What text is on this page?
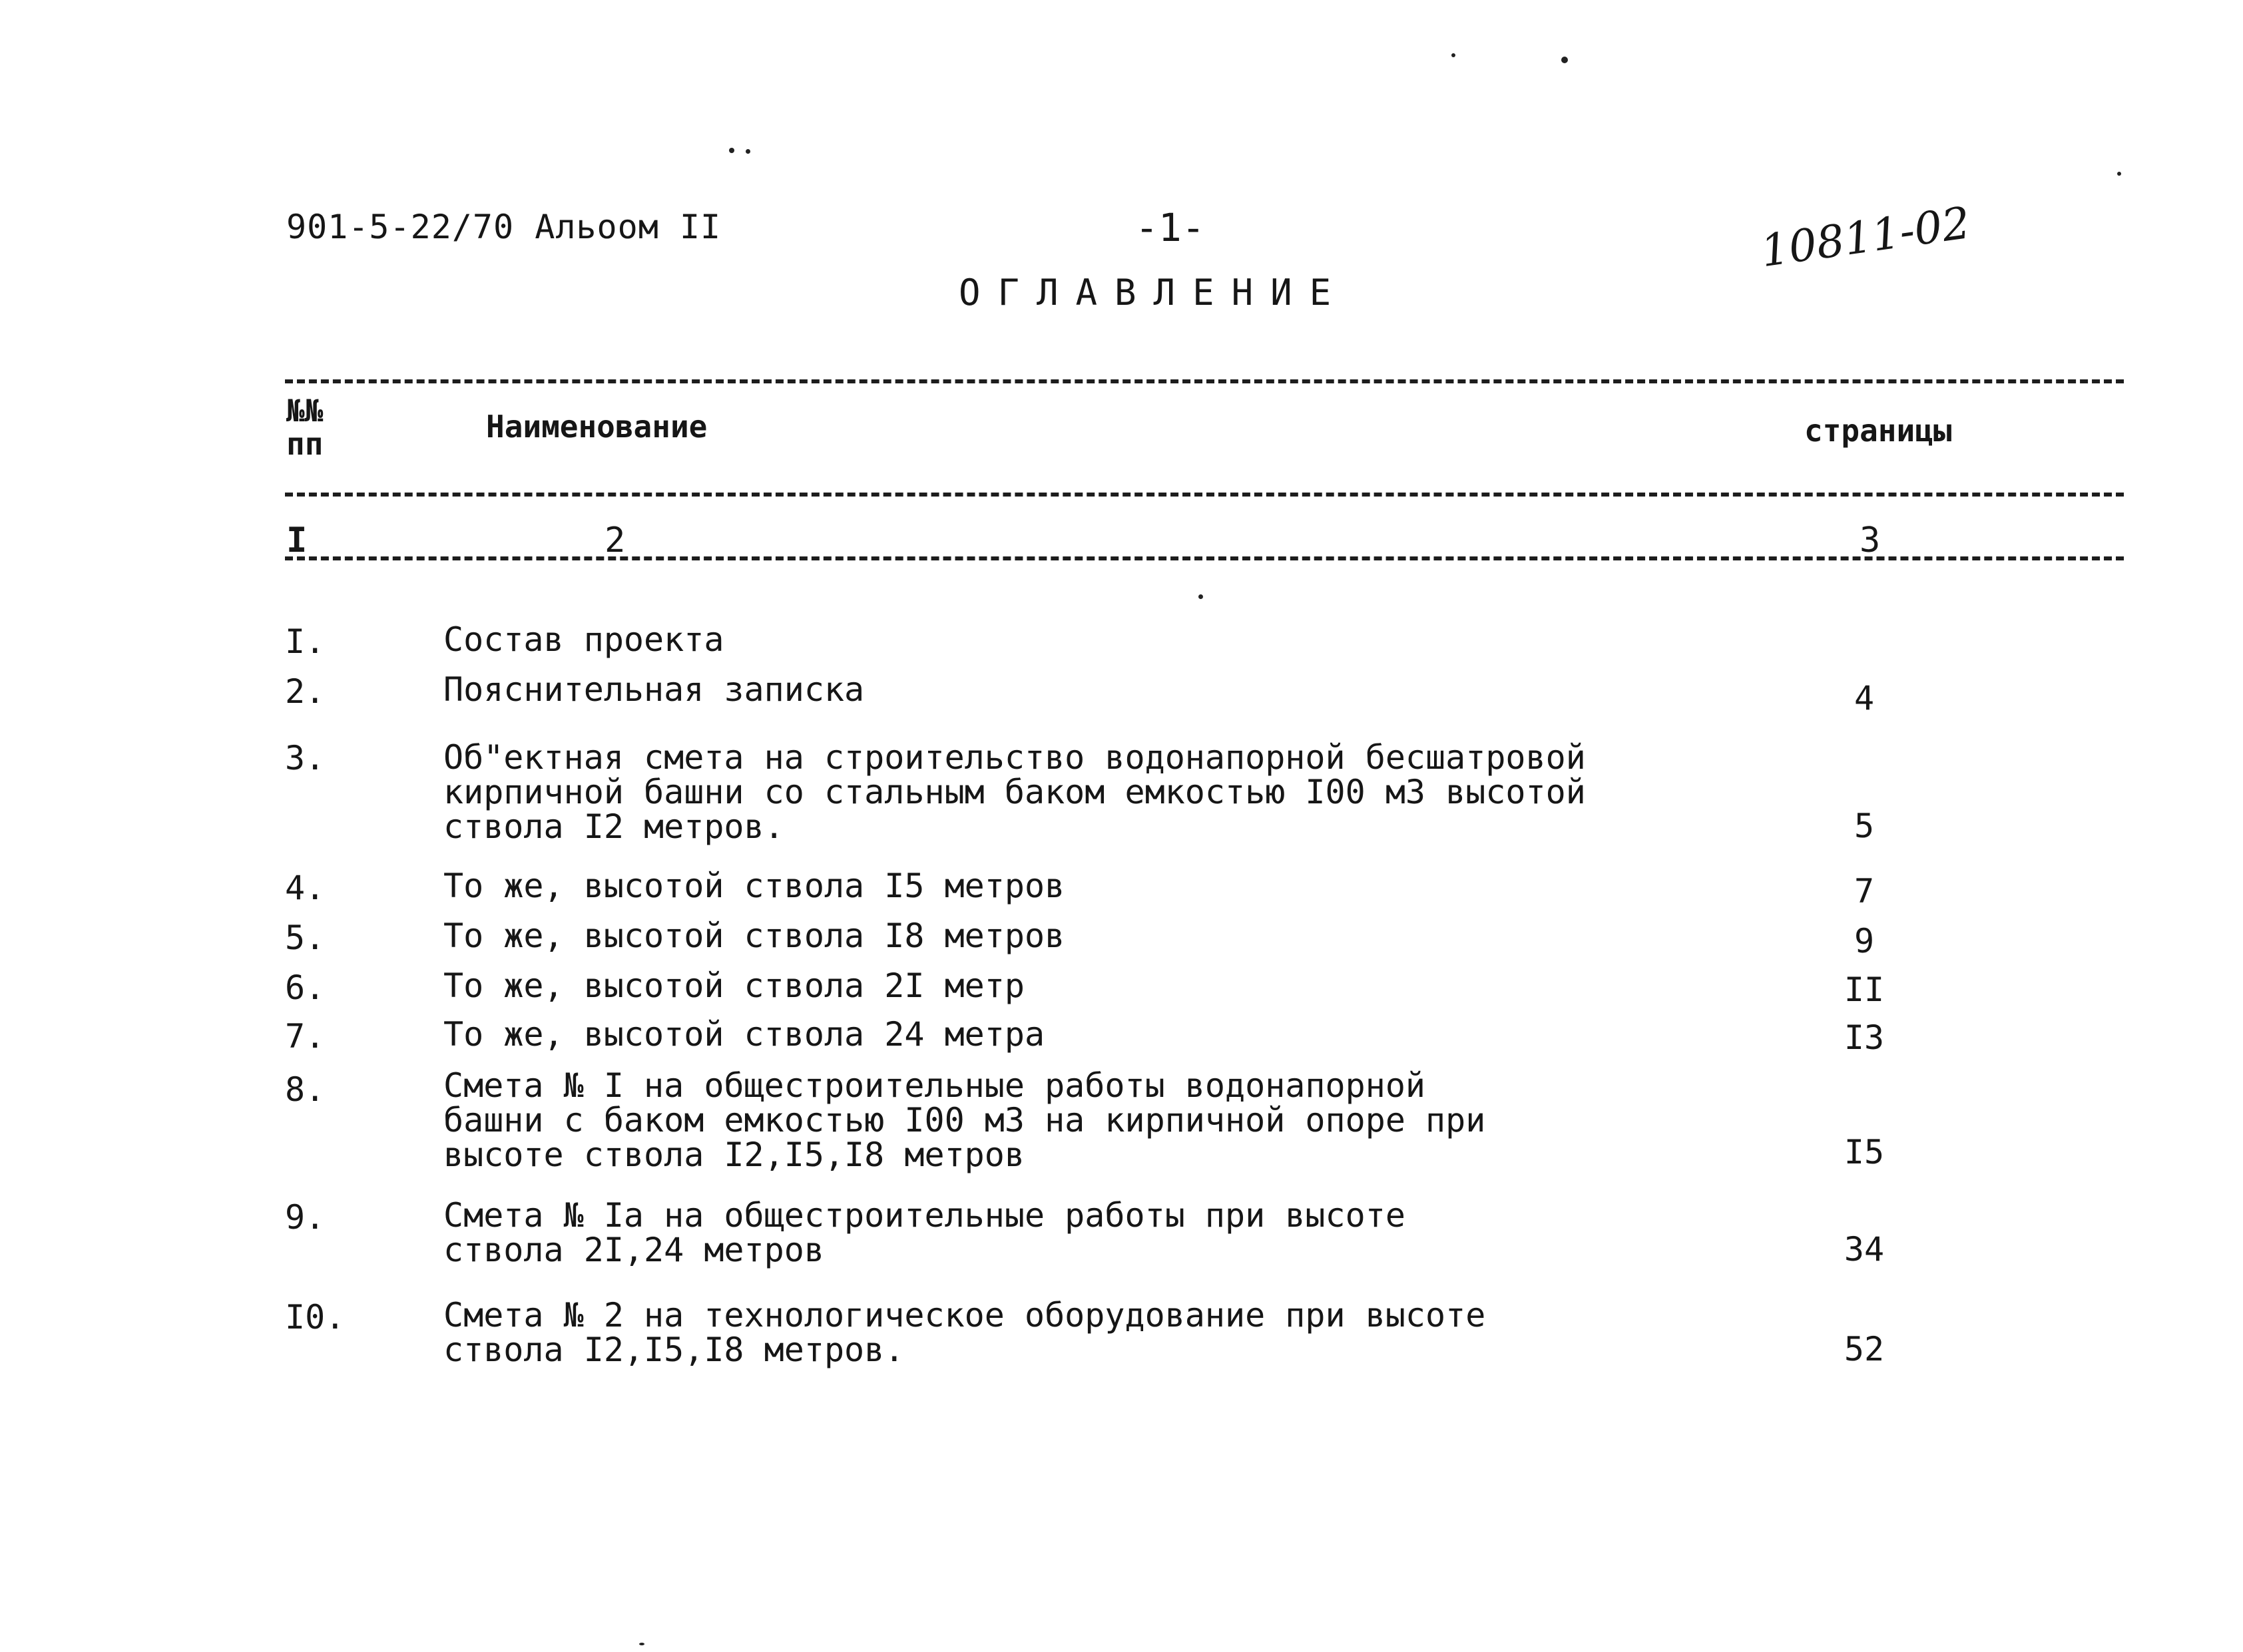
901-5-22/70 Альоом II	-1-	10811-02
ОГЛАВЛЕНИЕ
№№
пп	Наименование	страницы
I	2	3
I.	Состав проекта
2.	Пояснительная записка	4
3.	Об"ектная смета на строительство водонапорной бесшатровой
кирпичной башни со стальным баком емкостью I00 м3 высотой
ствола I2 метров.	5
4.	То же, высотой ствола I5 метров	7
5.	То же, высотой ствола I8 метров	9
6.	То же, высотой ствола 2I метр	II
7.	То же, высотой ствола 24 метра	I3
8.	Смета № I на общестроительные работы водонапорной
башни с баком емкостью I00 м3 на кирпичной опоре при
высоте ствола I2,I5,I8 метров	I5
9.	Смета № Iа на общестроительные работы при высоте
ствола 2I,24 метров	34
I0.	Смета № 2 на технологическое оборудование при высоте
ствола I2,I5,I8 метров.	52
